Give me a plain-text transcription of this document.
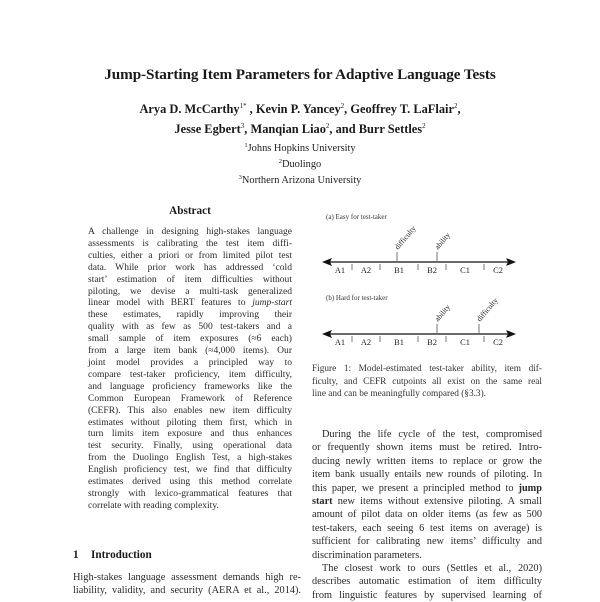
Jump-Starting Item Parameters for Adaptive Language Tests
Arya D. McCarthy$^{1*}$ , Kevin P. Yancey$^2$, Geoffrey T. LaFlair$^2$,
Jesse Egbert$^3$, Manqian Liao$^2$, and Burr Settles$^2$
$^1$Johns Hopkins University
$^2$Duolingo
$^3$Northern Arizona University
Abstract
A challenge in designing high-stakes language
assessments is calibrating the test item diffi-
culties, either a priori or from limited pilot test
data. While prior work has addressed ‘cold
start’ estimation of item difficulties without
piloting, we devise a multi-task generalized
linear model with BERT features to jump-start
these estimates, rapidly improving their
quality with as few as 500 test-takers and a
small sample of item exposures (≈6 each)
from a large item bank (≈4,000 items). Our
joint model provides a principled way to
compare test-taker proficiency, item difficulty,
and language proficiency frameworks like the
Common European Framework of Reference
(CEFR). This also enables new item difficulty
estimates without piloting them first, which in
turn limits item exposure and thus enhances
test security. Finally, using operational data
from the Duolingo English Test, a high-stakes
English proficiency test, we find that difficulty
estimates derived using this method correlate
strongly with lexico-grammatical features that
correlate with reading complexity.
1 Introduction
High-stakes language assessment demands high re-
liability, validity, and security (AERA et al., 2014).
(a) Easy for test-taker
(b) Hard for test-taker
A1 A2	B1	B2	C1	C2
difficulty ability
A1 A2	B1	B2	C1	C2
ability	difficulty
Figure 1: Model-estimated test-taker ability, item dif-
ficulty, and CEFR cutpoints all exist on the same real
line and can be meaningfully compared (§3.3).
During the life cycle of the test, compromised
or frequently shown items must be retired. Intro-
ducing newly written items to replace or grow the
item bank usually entails new rounds of piloting. In
this paper, we present a principled method to jump
start new items without extensive piloting. A small
amount of pilot data on older items (as few as 500
test-takers, each seeing 6 test items on average) is
sufficient for calibrating new items’ difficulty and
discrimination parameters.
The closest work to ours (Settles et al., 2020)
describes automatic estimation of item difficulty
from linguistic features by supervised learning of
